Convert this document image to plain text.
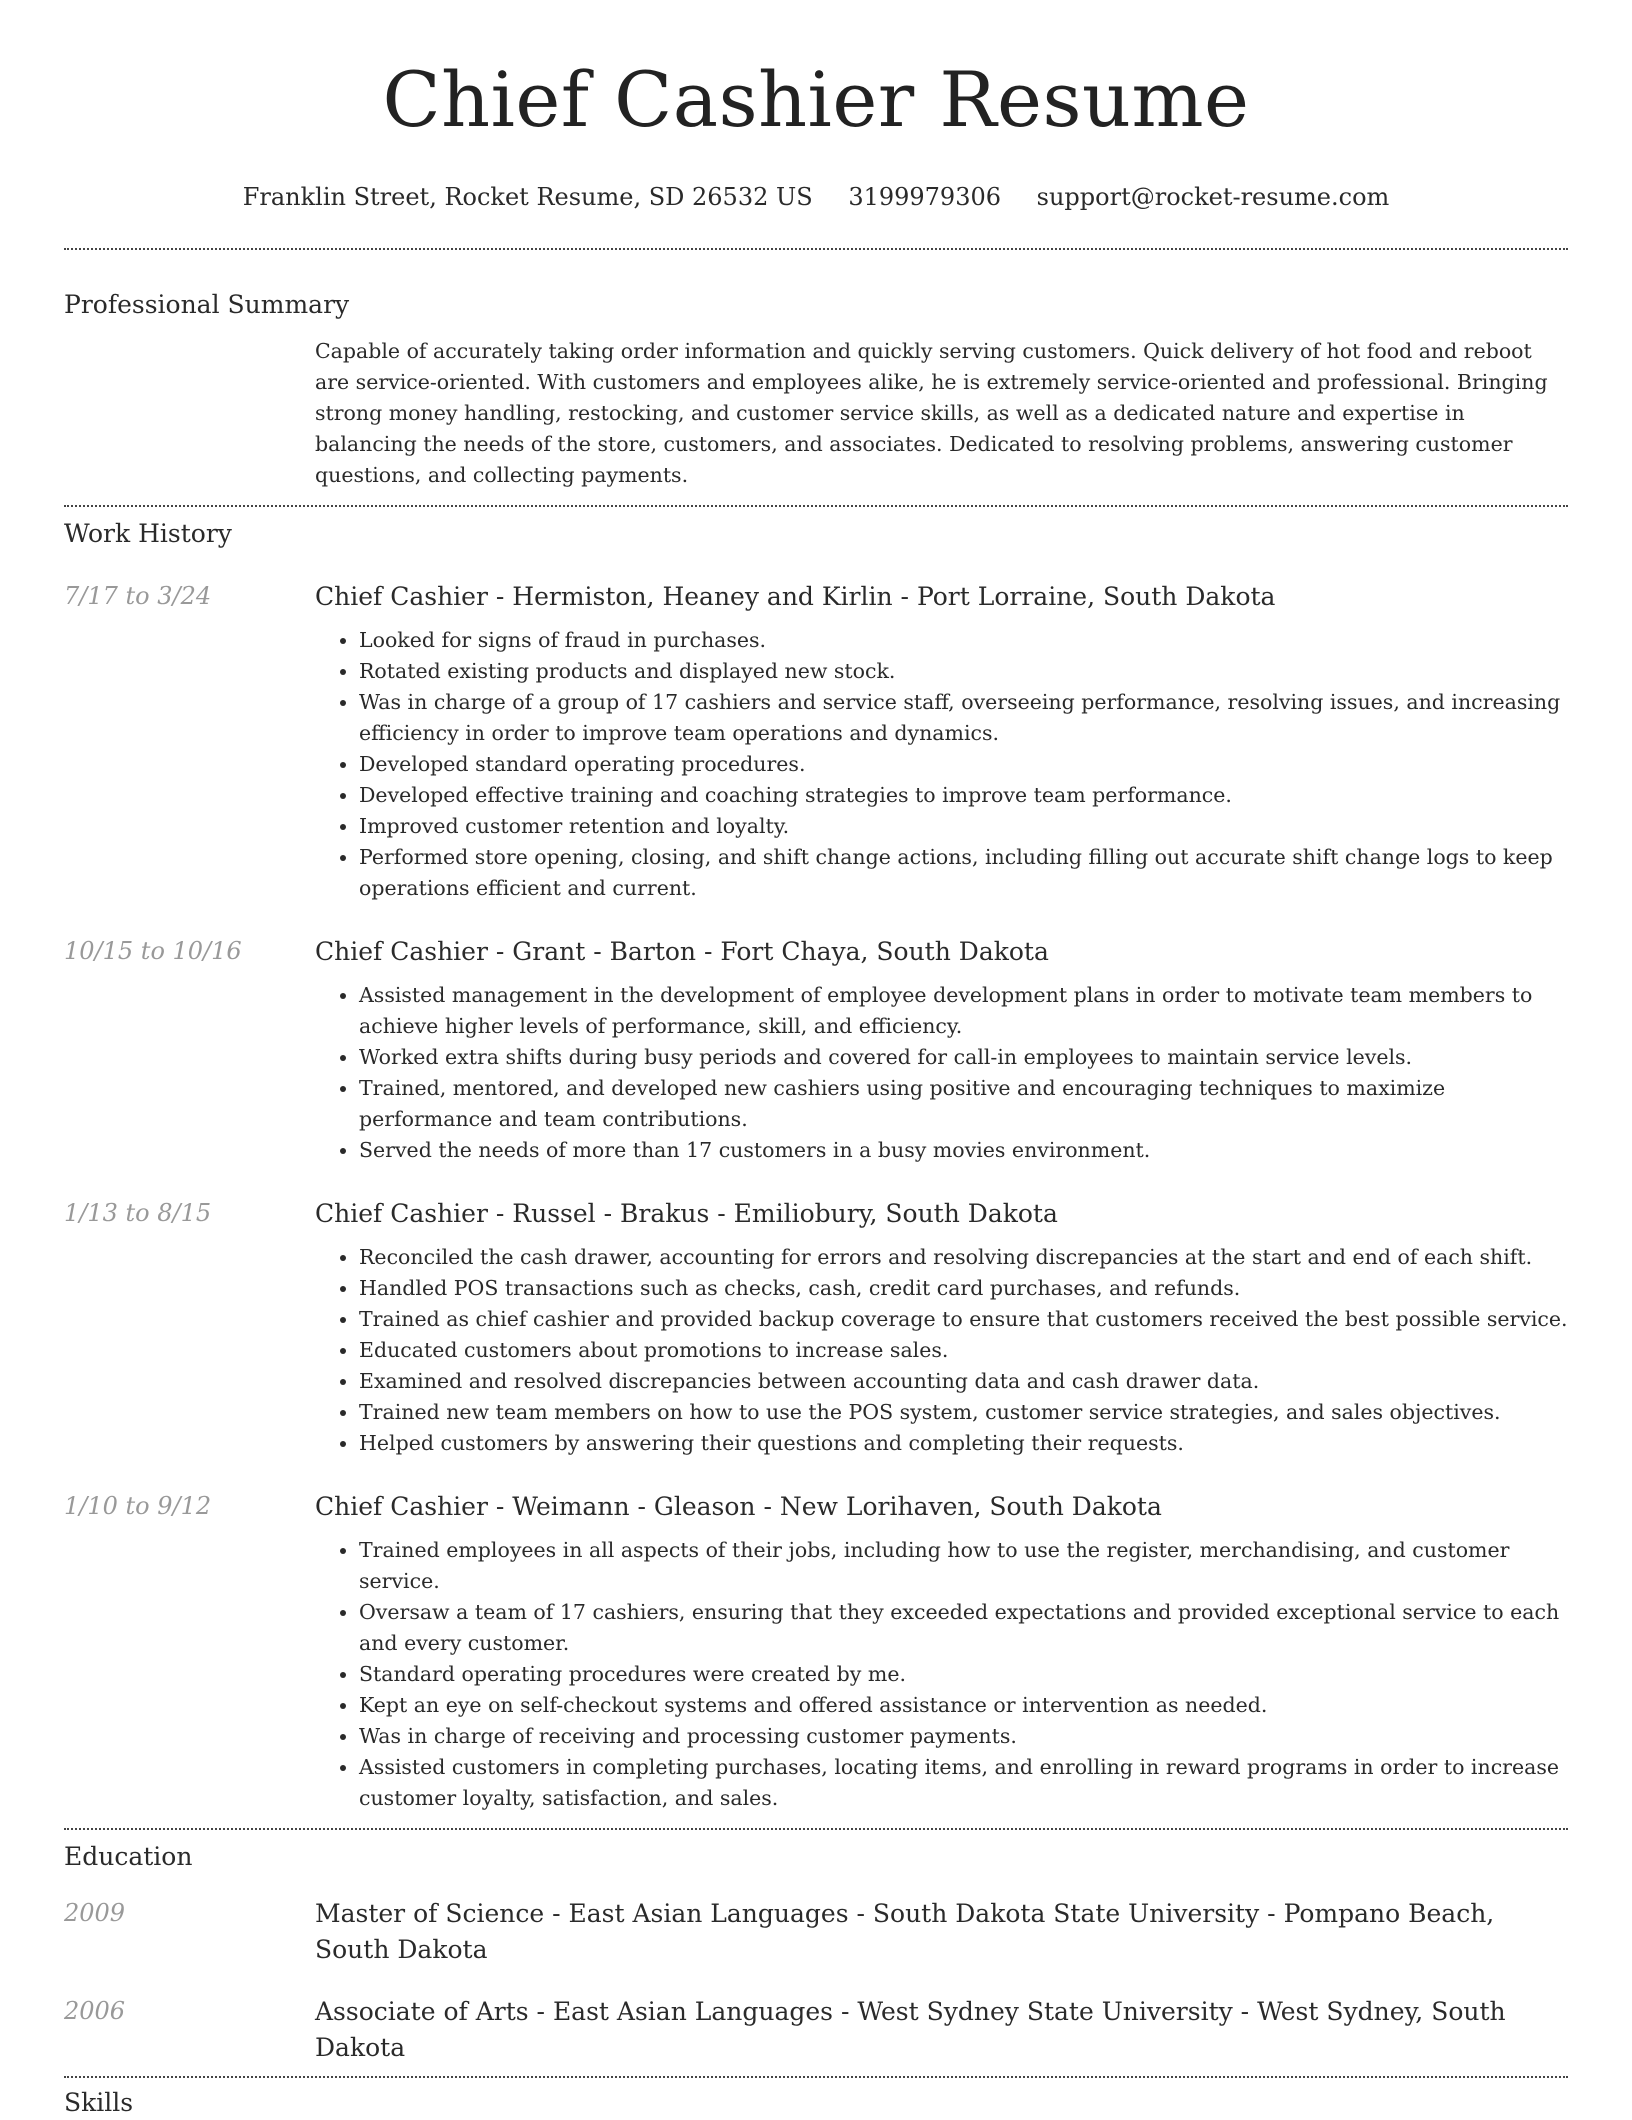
Chief Cashier Resume
Franklin Street, Rocket Resume, SD 26532 US 3199979306 support@rocket-resume.com
Professional Summary
Capable of accurately taking order information and quickly serving customers. Quick delivery of hot food and reboot are service-oriented. With customers and employees alike, he is extremely service-oriented and professional. Bringing strong money handling, restocking, and customer service skills, as well as a dedicated nature and expertise in balancing the needs of the store, customers, and associates. Dedicated to resolving problems, answering customer questions, and collecting payments.
Work History
7/17 to 3/24	Chief Cashier - Hermiston, Heaney and Kirlin - Port Lorraine, South Dakota
• Looked for signs of fraud in purchases.
• Rotated existing products and displayed new stock.
• Was in charge of a group of 17 cashiers and service staff, overseeing performance, resolving issues, and increasing efficiency in order to improve team operations and dynamics.
• Developed standard operating procedures.
• Developed effective training and coaching strategies to improve team performance.
• Improved customer retention and loyalty.
• Performed store opening, closing, and shift change actions, including filling out accurate shift change logs to keep operations efficient and current.
10/15 to 10/16	Chief Cashier - Grant - Barton - Fort Chaya, South Dakota
• Assisted management in the development of employee development plans in order to motivate team members to achieve higher levels of performance, skill, and efficiency.
• Worked extra shifts during busy periods and covered for call-in employees to maintain service levels.
• Trained, mentored, and developed new cashiers using positive and encouraging techniques to maximize performance and team contributions.
• Served the needs of more than 17 customers in a busy movies environment.
1/13 to 8/15	Chief Cashier - Russel - Brakus - Emiliobury, South Dakota
• Reconciled the cash drawer, accounting for errors and resolving discrepancies at the start and end of each shift.
• Handled POS transactions such as checks, cash, credit card purchases, and refunds.
• Trained as chief cashier and provided backup coverage to ensure that customers received the best possible service.
• Educated customers about promotions to increase sales.
• Examined and resolved discrepancies between accounting data and cash drawer data.
• Trained new team members on how to use the POS system, customer service strategies, and sales objectives.
• Helped customers by answering their questions and completing their requests.
1/10 to 9/12	Chief Cashier - Weimann - Gleason - New Lorihaven, South Dakota
• Trained employees in all aspects of their jobs, including how to use the register, merchandising, and customer service.
• Oversaw a team of 17 cashiers, ensuring that they exceeded expectations and provided exceptional service to each and every customer.
• Standard operating procedures were created by me.
• Kept an eye on self-checkout systems and offered assistance or intervention as needed.
• Was in charge of receiving and processing customer payments.
• Assisted customers in completing purchases, locating items, and enrolling in reward programs in order to increase customer loyalty, satisfaction, and sales.
Education
2009	Master of Science - East Asian Languages - South Dakota State University - Pompano Beach, South Dakota
2006	Associate of Arts - East Asian Languages - West Sydney State University - West Sydney, South Dakota
Skills
